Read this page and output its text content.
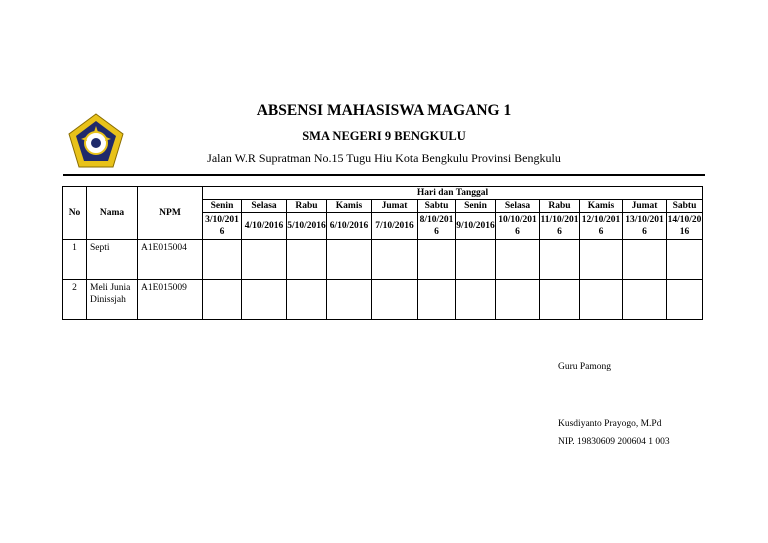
ABSENSI MAHASISWA MAGANG 1
SMA NEGERI 9 BENGKULU
Jalan W.R Supratman No.15 Tugu Hiu Kota Bengkulu Provinsi Bengkulu
No	Nama	NPM	Hari dan Tanggal											
			Senin	Selasa	Rabu	Kamis	Jumat	Sabtu	Senin	Selasa	Rabu	Kamis	Jumat	Sabtu
			3/10/2016	4/10/2016	5/10/2016	6/10/2016	7/10/2016	8/10/2016	9/10/2016	10/10/2016	11/10/2016	12/10/2016	13/10/2016	14/10/2016
1	Septi	A1E015004												
2	Meli Junia Dinissjah	A1E015009												
Guru Pamong
Kusdiyanto Prayogo, M.Pd
NIP. 19830609 200604 1 003
